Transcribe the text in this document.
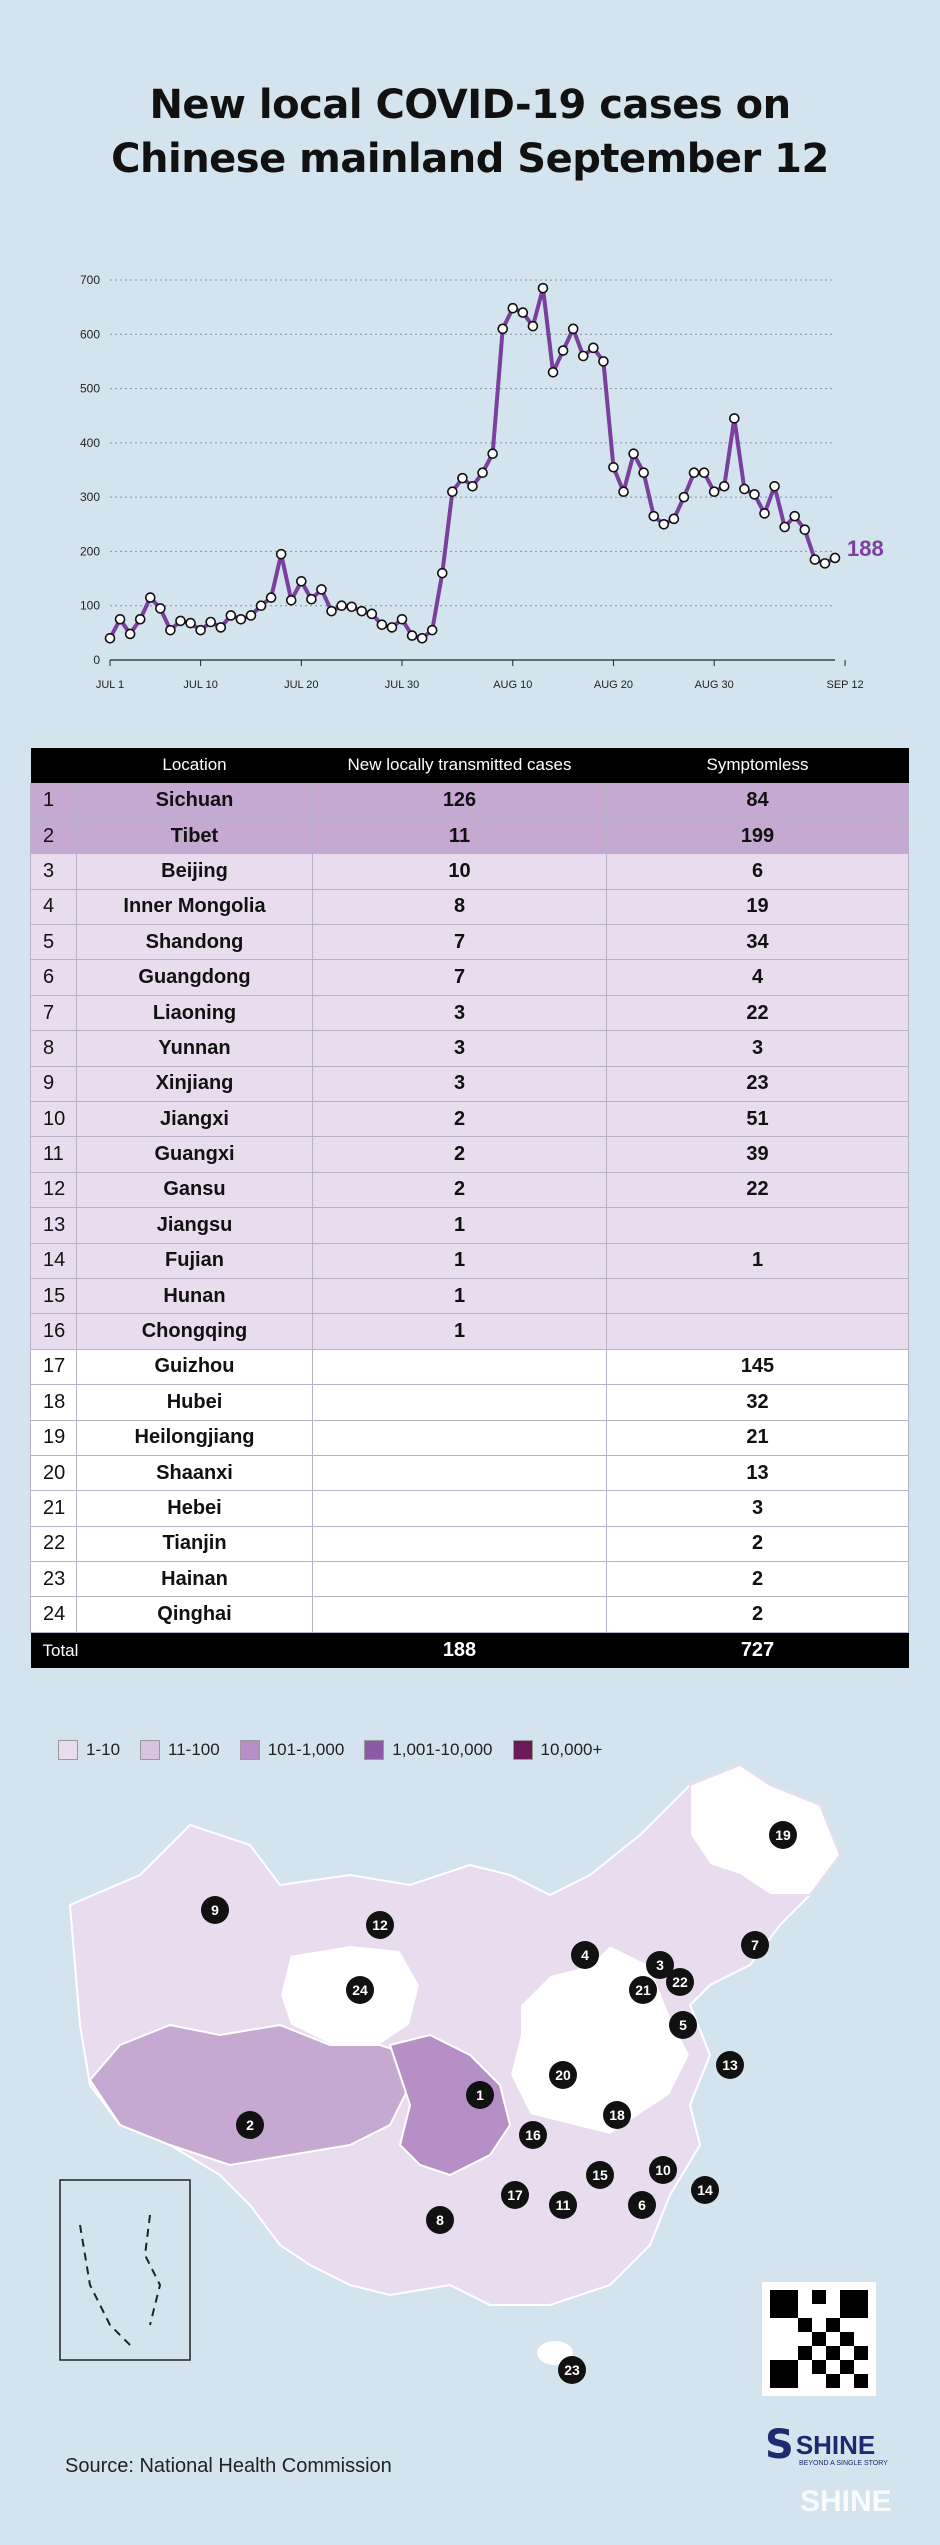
New local COVID-19 cases on
Chinese mainland September 12
0
100
200
300
400
500
600
700
JUL 1	JUL 10	JUL 20	JUL 30	AUG 10	AUG 20	AUG 30	SEP 12
188
	Location	New locally transmitted cases	Symptomless
1	Sichuan	126	84
2	Tibet	11	199
3	Beijing	10	6
4	Inner Mongolia	8	19
5	Shandong	7	34
6	Guangdong	7	4
7	Liaoning	3	22
8	Yunnan	3	3
9	Xinjiang	3	23
10	Jiangxi	2	51
11	Guangxi	2	39
12	Gansu	2	22
13	Jiangsu	1	
14	Fujian	1	1
15	Hunan	1	
16	Chongqing	1	
17	Guizhou		145
18	Hubei		32
19	Heilongjiang		21
20	Shaanxi		13
21	Hebei		3
22	Tianjin		2
23	Hainan		2
24	Qinghai		2
Total		188	727
1-10	11-100	101-1,000	1,001-10,000	10,000+
1
2
3
4
5
6
7
8
9
10
11
12
13
14
15
16
17
18
19
20
21 22
23
24
Source: National Health Commission	S SHINE
BEYOND A SINGLE STORY
SHINE
